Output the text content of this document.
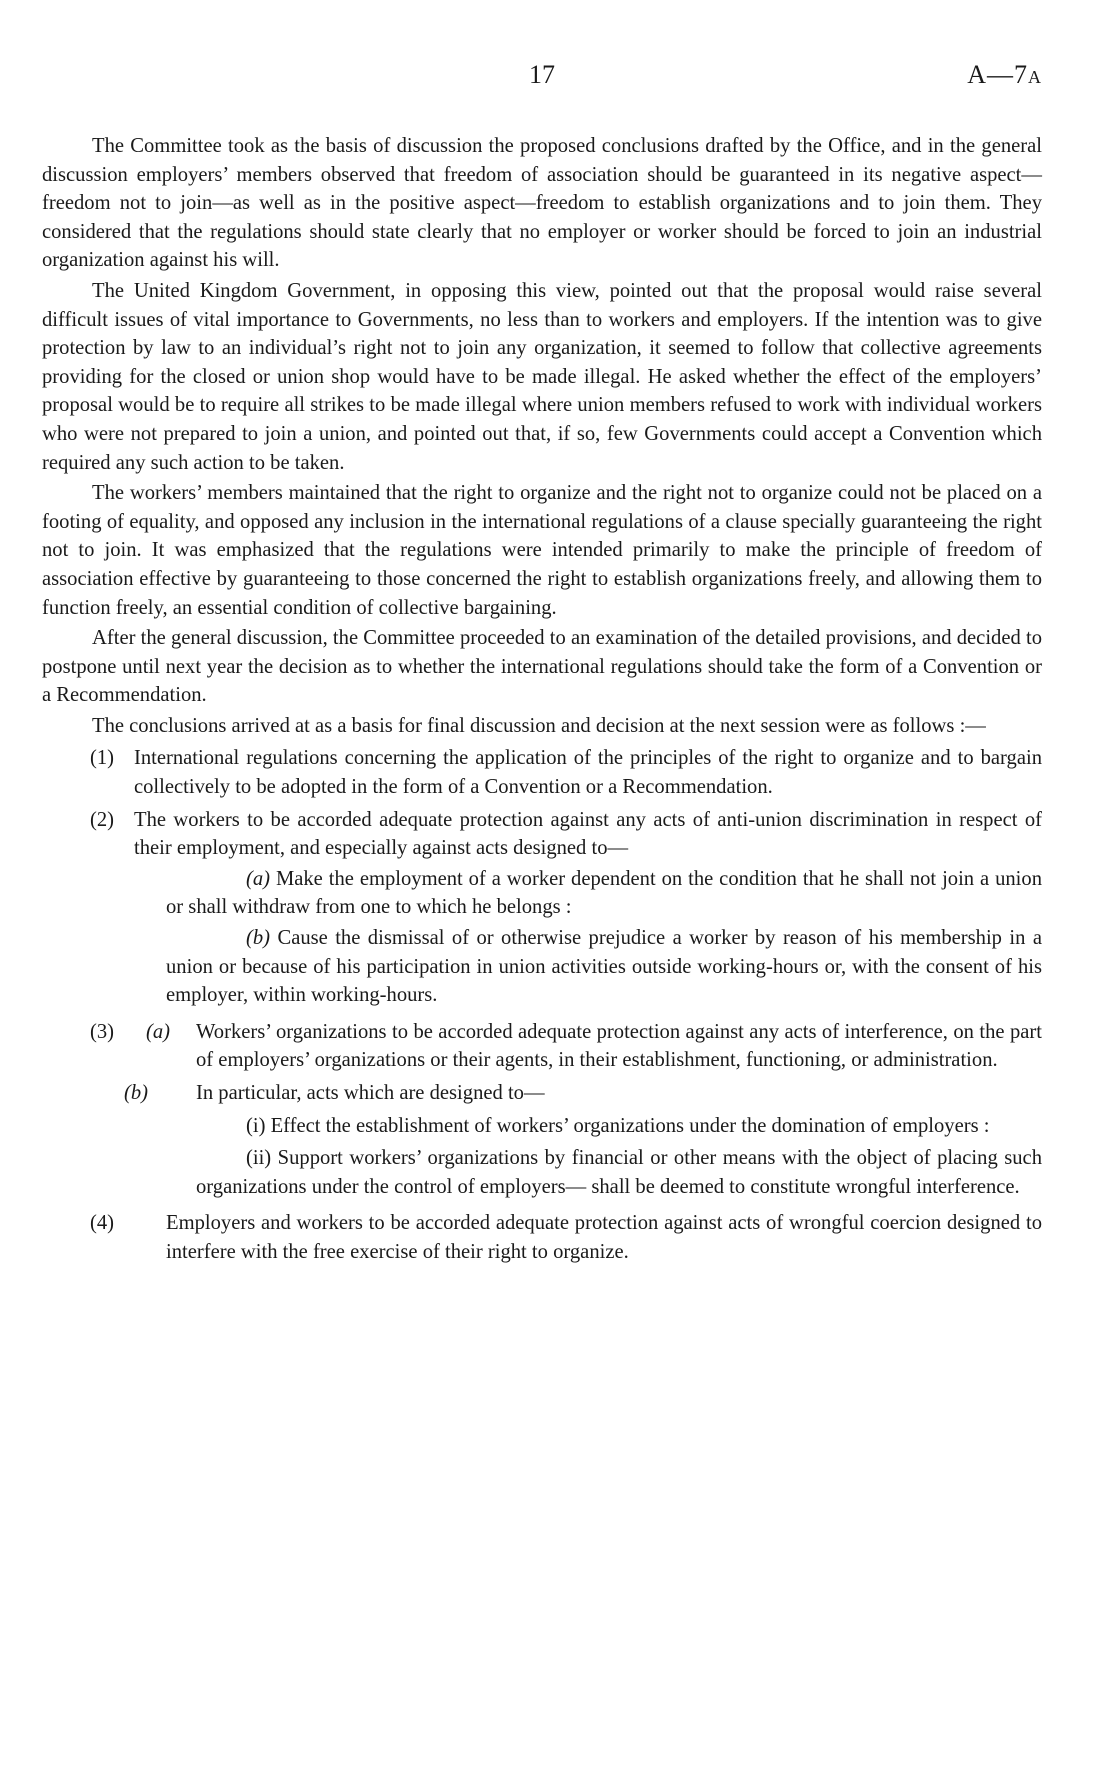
17	A—7A

The Committee took as the basis of discussion the proposed conclusions drafted by the Office, and in the general discussion employers’ members observed that freedom of association should be guaranteed in its negative aspect—freedom not to join—as well as in the positive aspect—freedom to establish organizations and to join them. They considered that the regulations should state clearly that no employer or worker should be forced to join an industrial organization against his will.

The United Kingdom Government, in opposing this view, pointed out that the proposal would raise several difficult issues of vital importance to Governments, no less than to workers and employers. If the intention was to give protection by law to an individual’s right not to join any organization, it seemed to follow that collective agreements providing for the closed or union shop would have to be made illegal. He asked whether the effect of the employers’ proposal would be to require all strikes to be made illegal where union members refused to work with individual workers who were not prepared to join a union, and pointed out that, if so, few Governments could accept a Convention which required any such action to be taken.

The workers’ members maintained that the right to organize and the right not to organize could not be placed on a footing of equality, and opposed any inclusion in the international regulations of a clause specially guaranteeing the right not to join. It was emphasized that the regulations were intended primarily to make the principle of freedom of association effective by guaranteeing to those concerned the right to establish organizations freely, and allowing them to function freely, an essential condition of collective bargaining.

After the general discussion, the Committee proceeded to an examination of the detailed provisions, and decided to postpone until next year the decision as to whether the international regulations should take the form of a Convention or a Recommendation.

The conclusions arrived at as a basis for final discussion and decision at the next session were as follows :—

(1) International regulations concerning the application of the principles of the right to organize and to bargain collectively to be adopted in the form of a Convention or a Recommendation.
(2) The workers to be accorded adequate protection against any acts of anti-union discrimination in respect of their employment, and especially against acts designed to—
(a) Make the employment of a worker dependent on the condition that he shall not join a union or shall withdraw from one to which he belongs :
(b) Cause the dismissal of or otherwise prejudice a worker by reason of his membership in a union or because of his participation in union activities outside working-hours or, with the consent of his employer, within working-hours.
(3) (a) Workers’ organizations to be accorded adequate protection against any acts of interference, on the part of employers’ organizations or their agents, in their establishment, functioning, or administration.
(b) In particular, acts which are designed to—
(i) Effect the establishment of workers’ organizations under the domination of employers :
(ii) Support workers’ organizations by financial or other means with the object of placing such organizations under the control of employers— shall be deemed to constitute wrongful interference.
(4)	Employers and workers to be accorded adequate protection against acts of wrongful coercion designed to interfere with the free exercise of their right to organize.
